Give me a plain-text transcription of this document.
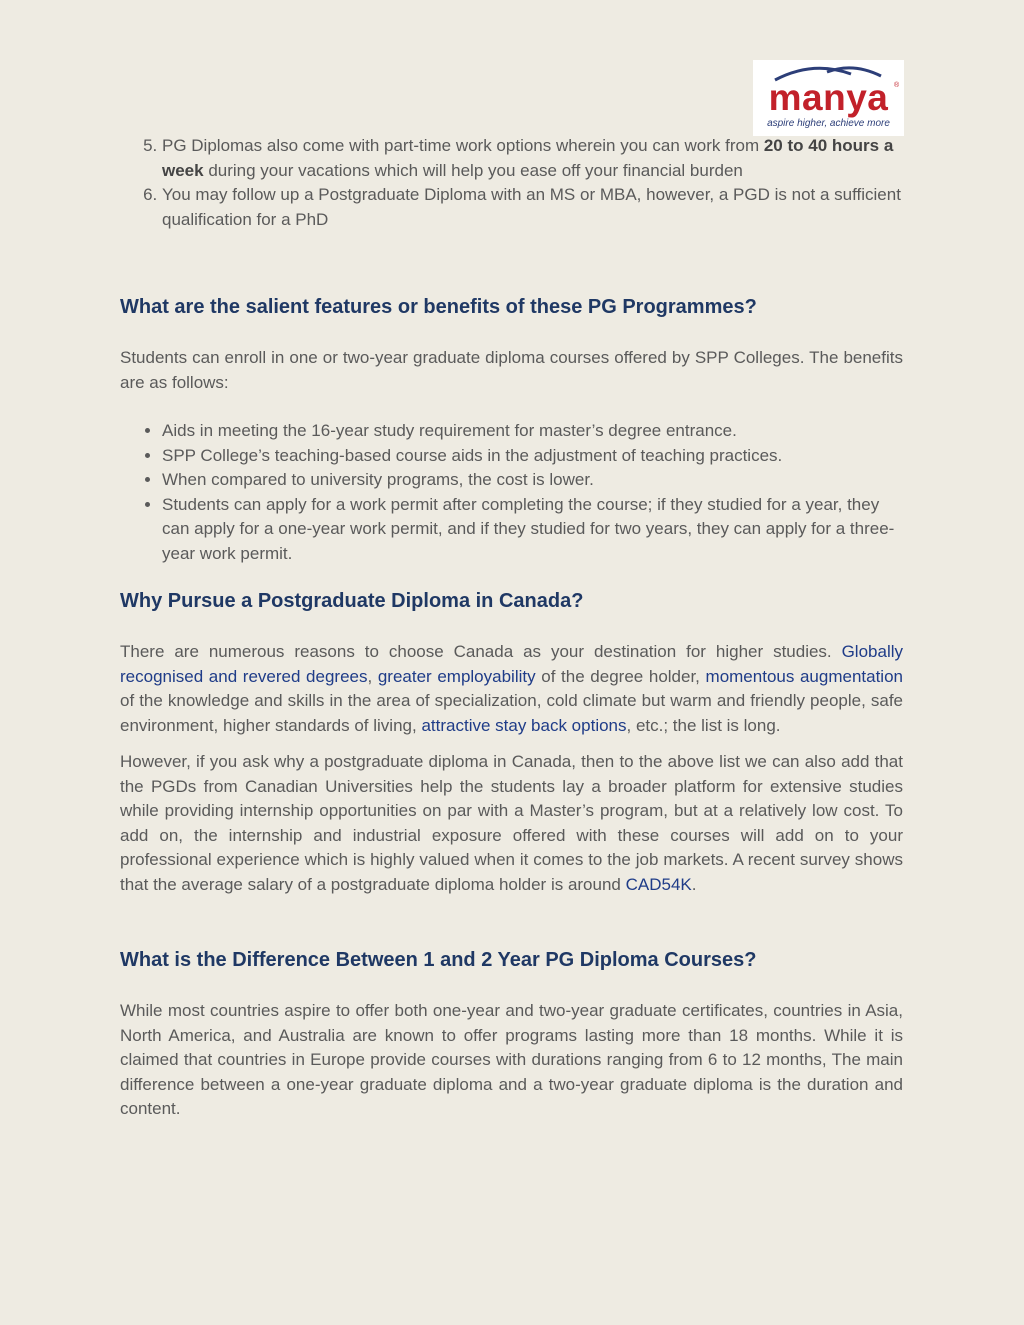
manya ®
aspire higher, achieve more
5. PG Diplomas also come with part-time work options wherein you can work from 20 to 40 hours a week during your vacations which will help you ease off your financial burden
6. You may follow up a Postgraduate Diploma with an MS or MBA, however, a PGD is not a sufficient qualification for a PhD
What are the salient features or benefits of these PG Programmes?

Students can enroll in one or two-year graduate diploma courses offered by SPP Colleges. The benefits are as follows:

• Aids in meeting the 16-year study requirement for master’s degree entrance.
• SPP College’s teaching-based course aids in the adjustment of teaching practices.
• When compared to university programs, the cost is lower.
• Students can apply for a work permit after completing the course; if they studied for a year, they can apply for a one-year work permit, and if they studied for two years, they can apply for a three-year work permit.
Why Pursue a Postgraduate Diploma in Canada?

There are numerous reasons to choose Canada as your destination for higher studies. Globally recognised and revered degrees, greater employability of the degree holder, momentous augmentation of the knowledge and skills in the area of specialization, cold climate but warm and friendly people, safe environment, higher standards of living, attractive stay back options, etc.; the list is long.

However, if you ask why a postgraduate diploma in Canada, then to the above list we can also add that the PGDs from Canadian Universities help the students lay a broader platform for extensive studies while providing internship opportunities on par with a Master’s program, but at a relatively low cost. To add on, the internship and industrial exposure offered with these courses will add on to your professional experience which is highly valued when it comes to the job markets. A recent survey shows that the average salary of a postgraduate diploma holder is around CAD54K.

What is the Difference Between 1 and 2 Year PG Diploma Courses?

While most countries aspire to offer both one-year and two-year graduate certificates, countries in Asia, North America, and Australia are known to offer programs lasting more than 18 months. While it is claimed that countries in Europe provide courses with durations ranging from 6 to 12 months, The main difference between a one-year graduate diploma and a two-year graduate diploma is the duration and content.
